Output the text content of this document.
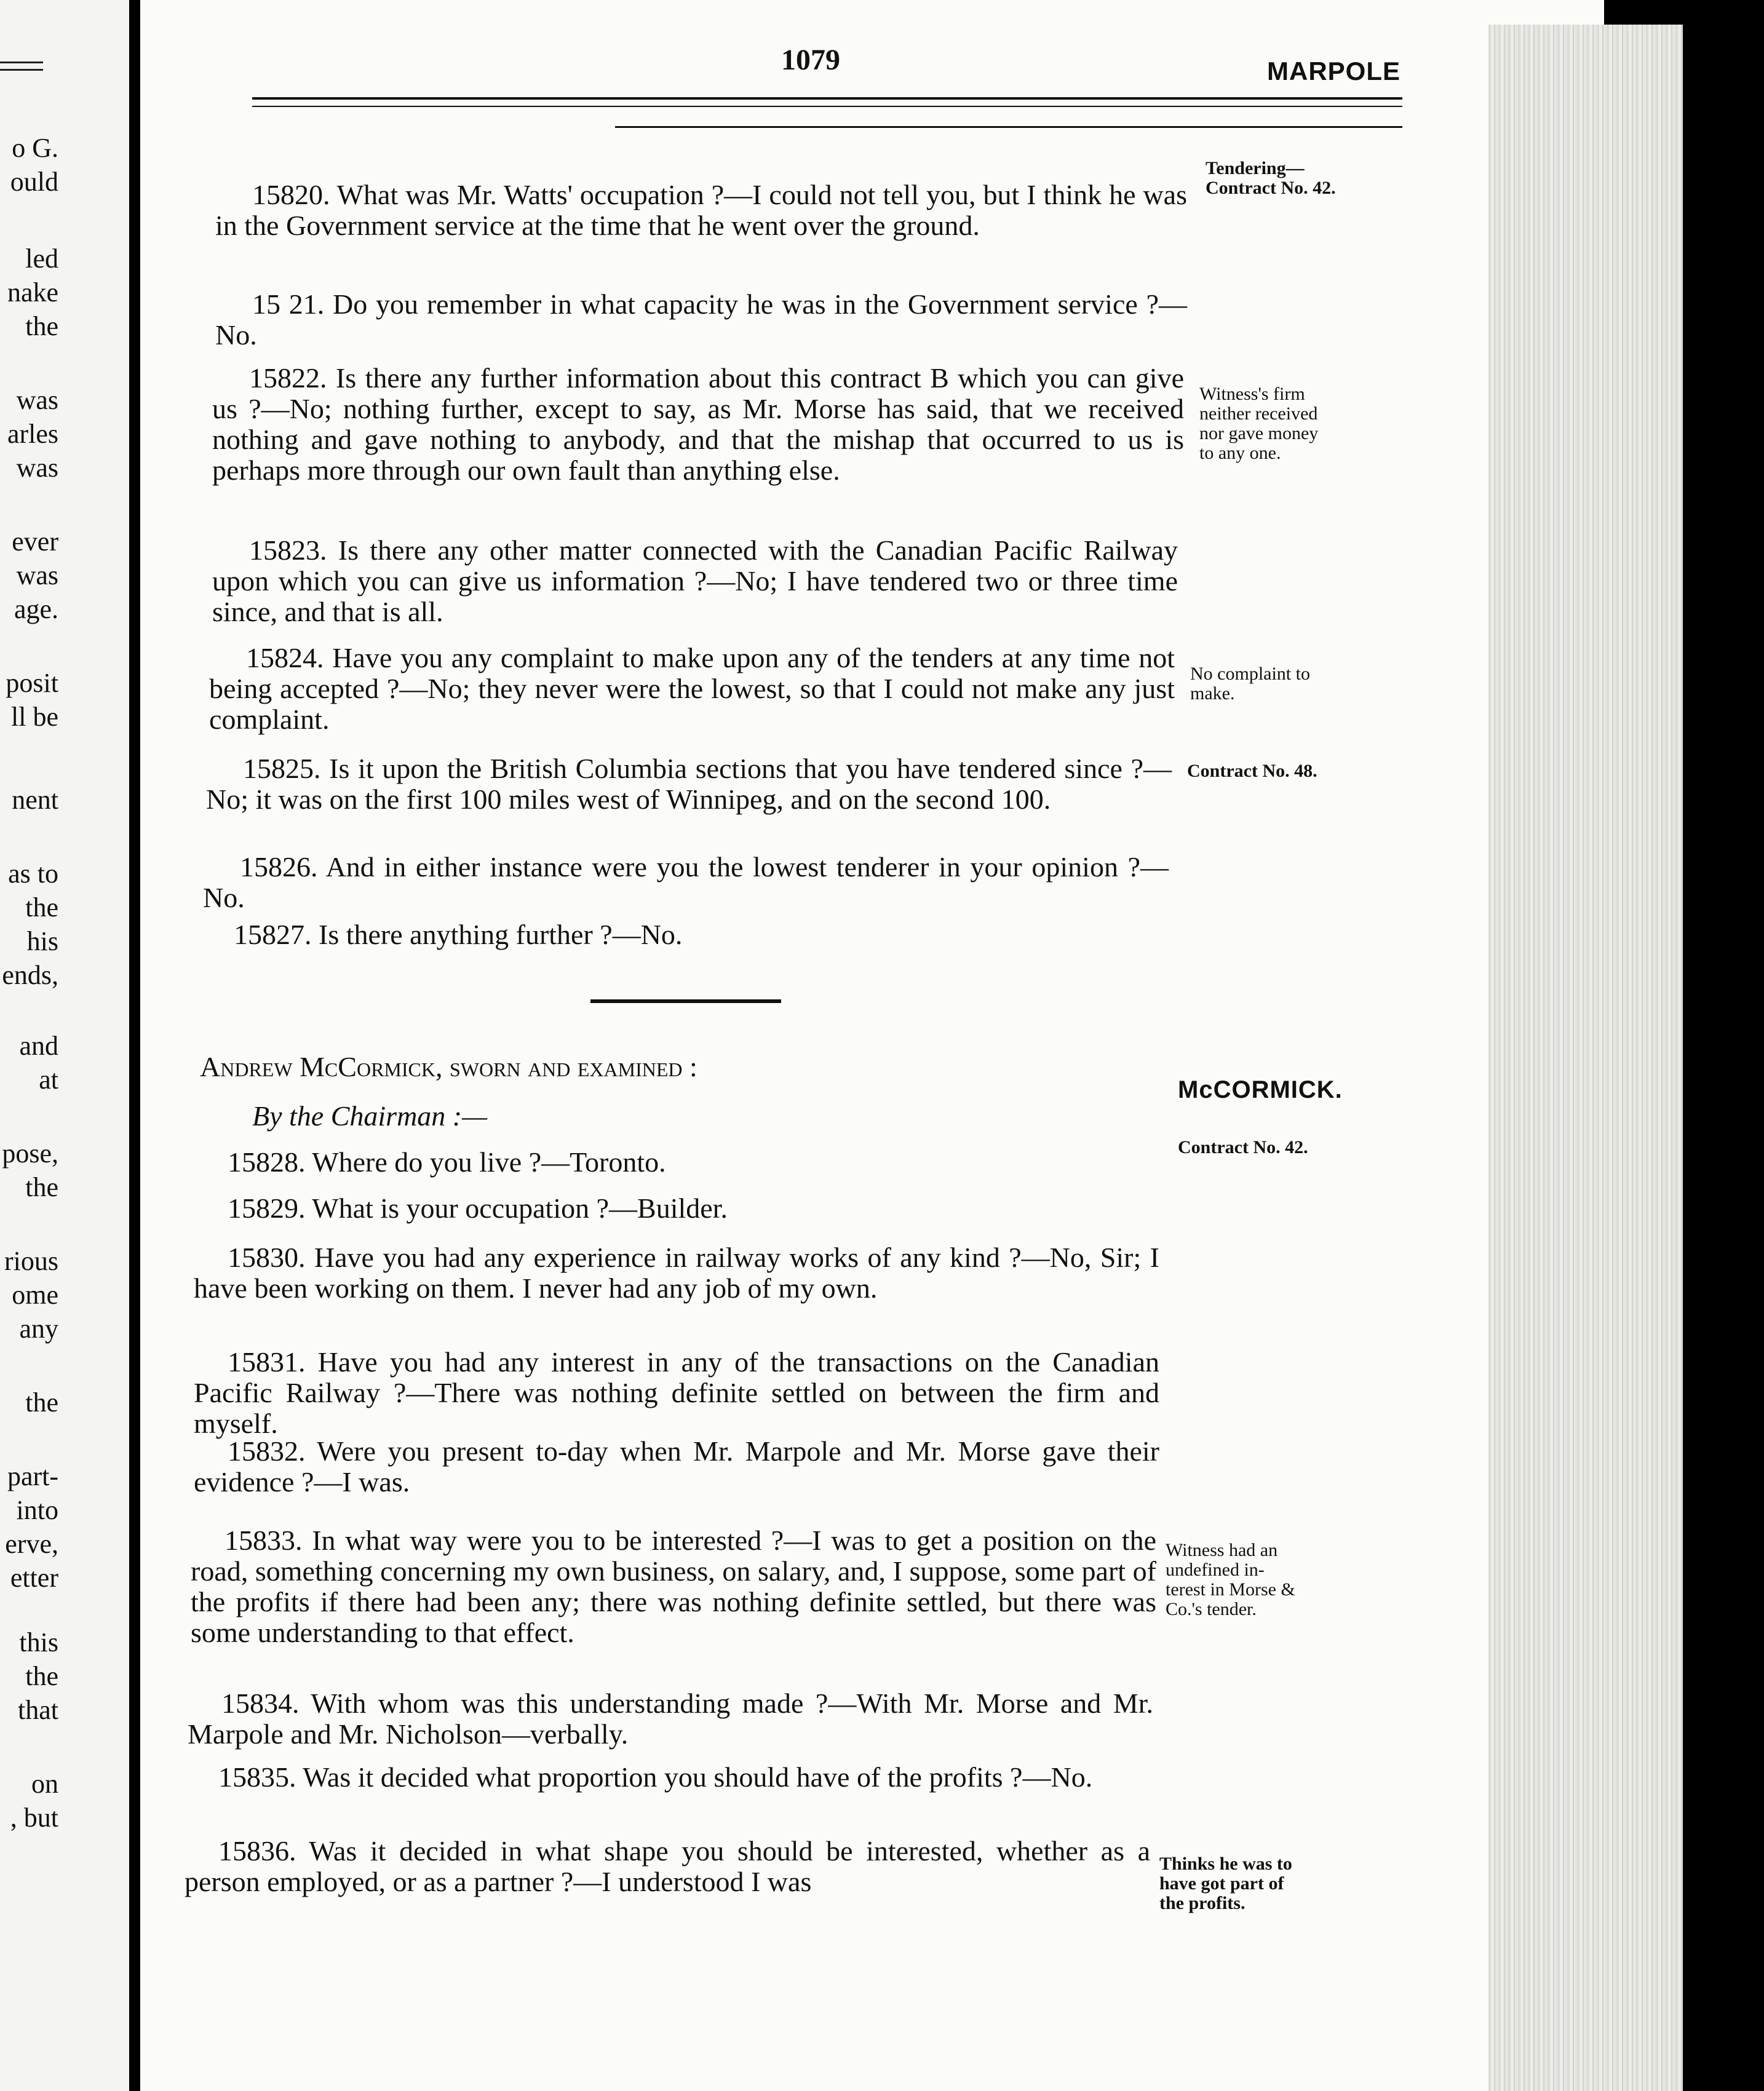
1079	MARPOLE
15820. What was Mr. Watts' occupation ?—I could not tell you, but I think he was in the Government service at the time that he went over the ground.
15 21. Do you remember in what capacity he was in the Government service ?—No.
15822. Is there any further information about this contract B which you can give us ?—No; nothing further, except to say, as Mr. Morse has said, that we received nothing and gave nothing to anybody, and that the mishap that occurred to us is perhaps more through our own fault than anything else.
15823. Is there any other matter connected with the Canadian Pacific Railway upon which you can give us information ?—No; I have tendered two or three time since, and that is all.
15824. Have you any complaint to make upon any of the tenders at any time not being accepted ?—No; they never were the lowest, so that I could not make any just complaint.
15825. Is it upon the British Columbia sections that you have tendered since ?—No; it was on the first 100 miles west of Winnipeg, and on the second 100.
15826. And in either instance were you the lowest tenderer in your opinion ?—No.
15827. Is there anything further ?—No.
Andrew McCormick, sworn and examined :
By the Chairman :—
15828. Where do you live ?—Toronto.
15829. What is your occupation ?—Builder.
15830. Have you had any experience in railway works of any kind ?—No, Sir; I have been working on them. I never had any job of my own.
15831. Have you had any interest in any of the transactions on the Canadian Pacific Railway ?—There was nothing definite settled on between the firm and myself.
15832. Were you present to-day when Mr. Marpole and Mr. Morse gave their evidence ?—I was.
15833. In what way were you to be interested ?—I was to get a position on the road, something concerning my own business, on salary, and, I suppose, some part of the profits if there had been any; there was nothing definite settled, but there was some understanding to that effect.
15834. With whom was this understanding made ?—With Mr. Morse and Mr. Marpole and Mr. Nicholson—verbally.
15835. Was it decided what proportion you should have of the profits ?—No.
15836. Was it decided in what shape you should be interested, whether as a person employed, or as a partner ?—I understood I was
Tendering—
Contract No. 42.
Witness's firm
neither received
nor gave money
to any one.
No complaint to
make.
Contract No. 48.
McCORMICK.
Contract No. 42.
Witness had an
undefined in-
terest in Morse &
Co.'s tender.
Thinks he was to
have got part of
the profits.
o G.
ould
led
nake
the
was
arles
was
ever
was
age.
posit
ll be
nent
as to
the
his
ends,
and
at
pose,
the
rious
ome
any
the
part-
into
erve,
etter
this
the
that
on
, but
